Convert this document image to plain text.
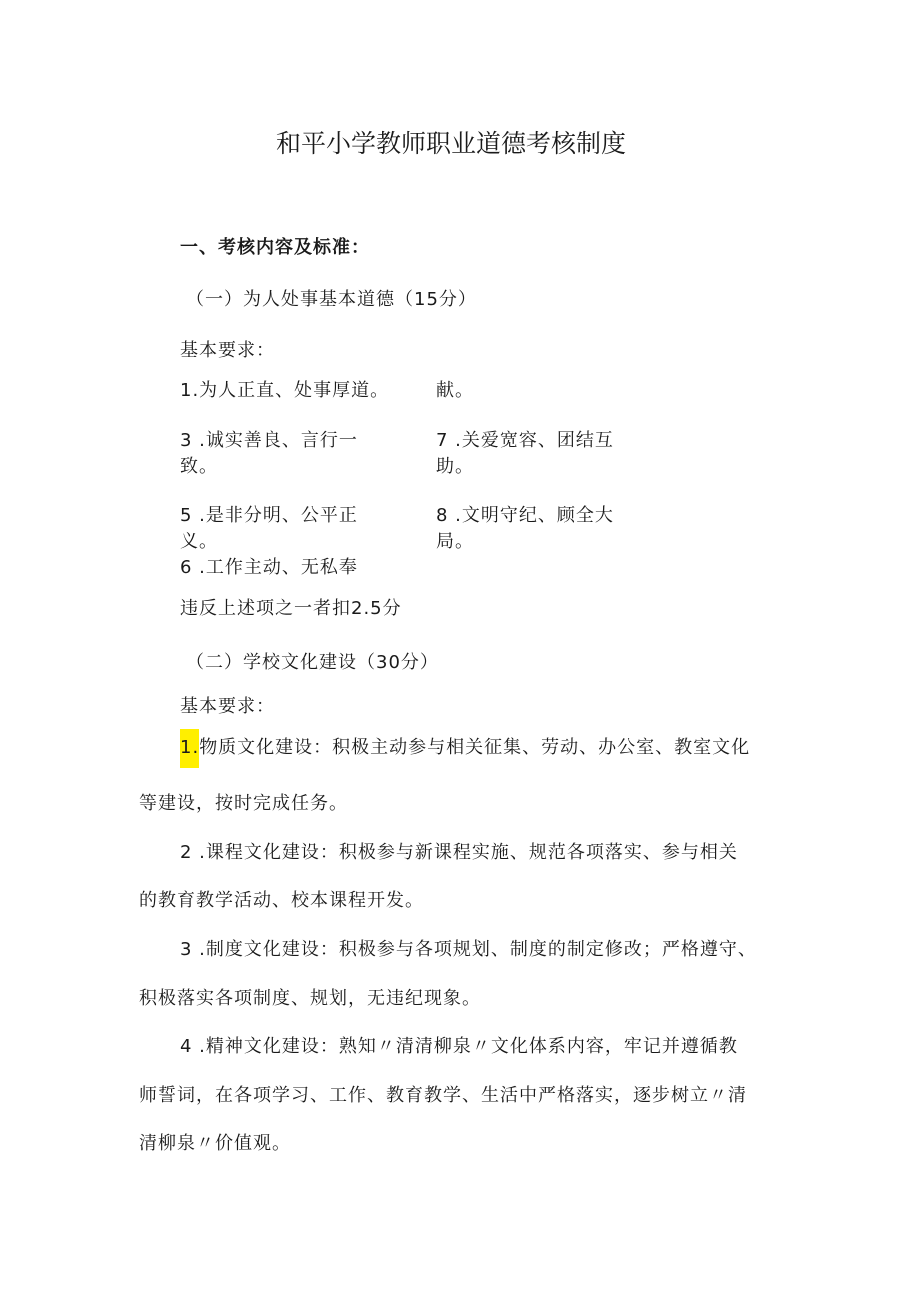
和平小学教师职业道德考核制度
一、考核内容及标准：
（一）为人处事基本道德（15分）
基本要求：
1.为人正直、处事厚道。
3 .诚实善良、言行一
致。
5 .是非分明、公平正
义。
6 .工作主动、无私奉
献。
7 .关爱宽容、团结互
助。
8 .文明守纪、顾全大
局。
违反上述项之一者扣2.5分
（二）学校文化建设（30分）
基本要求：
1.物质文化建设：积极主动参与相关征集、劳动、办公室、教室文化
等建设，按时完成任务。
2 .课程文化建设：积极参与新课程实施、规范各项落实、参与相关
的教育教学活动、校本课程开发。
3 .制度文化建设：积极参与各项规划、制度的制定修改；严格遵守、
积极落实各项制度、规划，无违纪现象。
4 .精神文化建设：熟知〃清清柳泉〃文化体系内容，牢记并遵循教
师誓词，在各项学习、工作、教育教学、生活中严格落实，逐步树立〃清
清柳泉〃价值观。
